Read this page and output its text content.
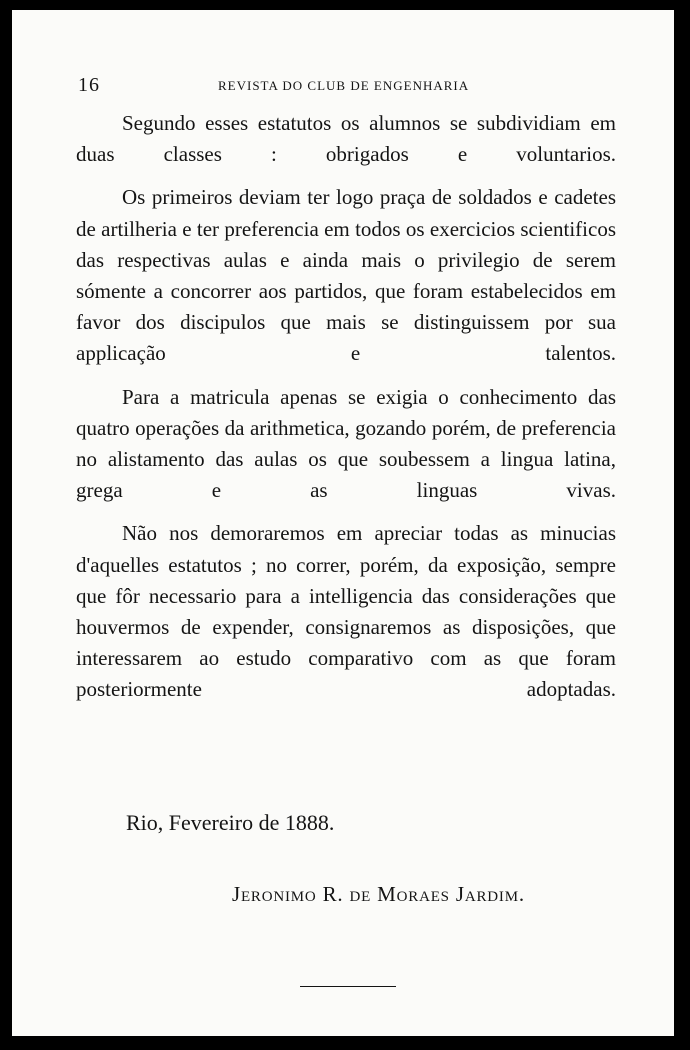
16	REVISTA DO CLUB DE ENGENHARIA

Segundo esses estatutos os alumnos se subdividiam em duas classes : obrigados e voluntarios.

Os primeiros deviam ter logo praça de soldados e cadetes de artilheria e ter preferencia em todos os exercicios scientificos das respectivas aulas e ainda mais o privilegio de serem sómente a concorrer aos partidos, que foram estabelecidos em favor dos discipulos que mais se distinguissem por sua applicação e talentos.

Para a matricula apenas se exigia o conhecimento das quatro operações da arithmetica, gozando porém, de preferencia no alistamento das aulas os que soubessem a lingua latina, grega e as linguas vivas.

Não nos demoraremos em apreciar todas as minucias d'aquelles estatutos ; no correr, porém, da exposição, sempre que fôr necessario para a intelligencia das considerações que houvermos de expender, consignaremos as disposições, que interessarem ao estudo comparativo com as que foram posteriormente adoptadas.

Rio, Fevereiro de 1888.
Jeronimo R. de Moraes Jardim.
